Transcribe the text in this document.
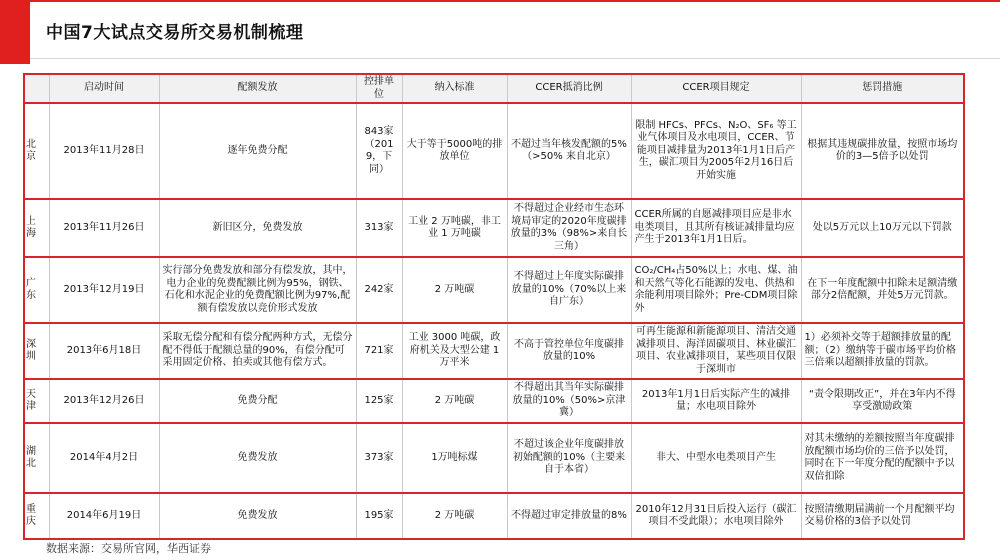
中国7大试点交易所交易机制梳理
	启动时间	配额发放	控排单位	纳入标准	CCER抵消比例	CCER项目规定	惩罚措施
北京	2013年11月28日	逐年免费分配	843家（2019，下同）	大于等于5000吨的排放单位	不超过当年核发配额的5%（>50% 来自北京）	限制 HFCs、PFCs、N₂O、SF₆ 等工业气体项目及水电项目，CCER、节能项目减排量为2013年1月1日后产生，碳汇项目为2005年2月16日后开始实施	根据其违规碳排放量，按照市场均价的3—5倍予以处罚
上海	2013年11月26日	新旧区分，免费发放	313家	工业 2 万吨碳，非工业 1 万吨碳	不得超过企业经市生态环境局审定的2020年度碳排放量的3%（98%>来自长三角）	CCER所属的自愿减排项目应是非水电类项目，且其所有核证减排量均应产生于2013年1月1日后。	处以5万元以上10万元以下罚款
广东	2013年12月19日	实行部分免费发放和部分有偿发放，其中，电力企业的免费配额比例为95%，钢铁、石化和水泥企业的免费配额比例为97%,配额有偿发放以竞价形式发放	242家	2 万吨碳	不得超过上年度实际碳排放量的10%（70%以上来自广东）	CO₂/CH₄占50%以上；水电、煤、油和天然气等化石能源的发电、供热和余能利用项目除外；Pre-CDM项目除外	在下一年度配额中扣除未足额清缴部分2倍配额，并处5万元罚款。
深圳	2013年6月18日	采取无偿分配和有偿分配两种方式，无偿分配不得低于配额总量的90%，有偿分配可采用固定价格、拍卖或其他有偿方式。	721家	工业 3000 吨碳，政府机关及大型公建 1 万平米	不高于管控单位年度碳排放量的10%	可再生能源和新能源项目、清洁交通减排项目、海洋固碳项目、林业碳汇项目、农业减排项目，某些项目仅限于深圳市	1）必须补交等于超额排放量的配额；（2）缴纳等于碳市场平均价格三倍乘以超额排放量的罚款。
天津	2013年12月26日	免费分配	125家	2 万吨碳	不得超出其当年实际碳排放量的10%（50%>京津冀）	2013年1月1日后实际产生的减排量；水电项目除外	“责令限期改正”，并在3年内不得享受激励政策
湖北	2014年4月2日	免费发放	373家	1万吨标煤	不超过该企业年度碳排放初始配额的10%（主要来自于本省）	非大、中型水电类项目产生	对其未缴纳的差额按照当年度碳排放配额市场均价的三倍予以处罚，同时在下一年度分配的配额中予以双倍扣除
重庆	2014年6月19日	免费发放	195家	2 万吨碳	不得超过审定排放量的8%	2010年12月31日后投入运行（碳汇项目不受此限）；水电项目除外	按照清缴期届满前一个月配额平均交易价格的3倍予以处罚
数据来源：交易所官网，华西证券
